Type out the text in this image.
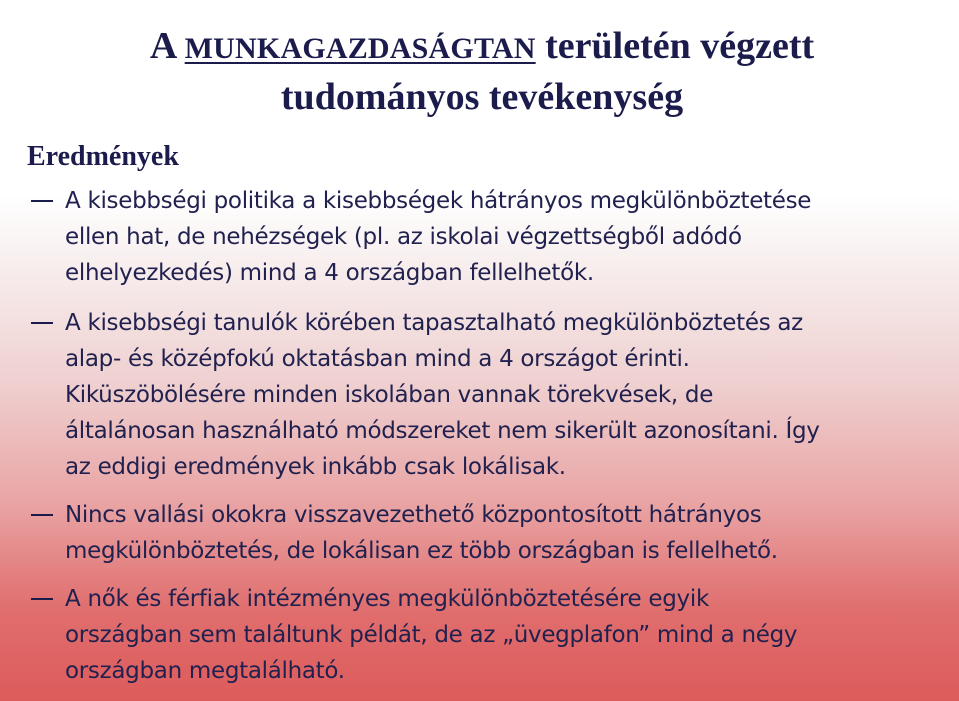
A MUNKAGAZDASÁGTAN területén végzett
tudományos tevékenység
Eredmények
A kisebbségi politika a kisebbségek hátrányos megkülönböztetése
ellen hat, de nehézségek (pl. az iskolai végzettségből adódó
elhelyezkedés) mind a 4 országban fellelhetők.
A kisebbségi tanulók körében tapasztalható megkülönböztetés az
alap- és középfokú oktatásban mind a 4 országot érinti.
Kiküszöbölésére minden iskolában vannak törekvések, de
általánosan használható módszereket nem sikerült azonosítani. Így
az eddigi eredmények inkább csak lokálisak.
Nincs vallási okokra visszavezethető központosított hátrányos
megkülönböztetés, de lokálisan ez több országban is fellelhető.
A nők és férfiak intézményes megkülönböztetésére egyik
országban sem találtunk példát, de az „üvegplafon” mind a négy
országban megtalálható.
